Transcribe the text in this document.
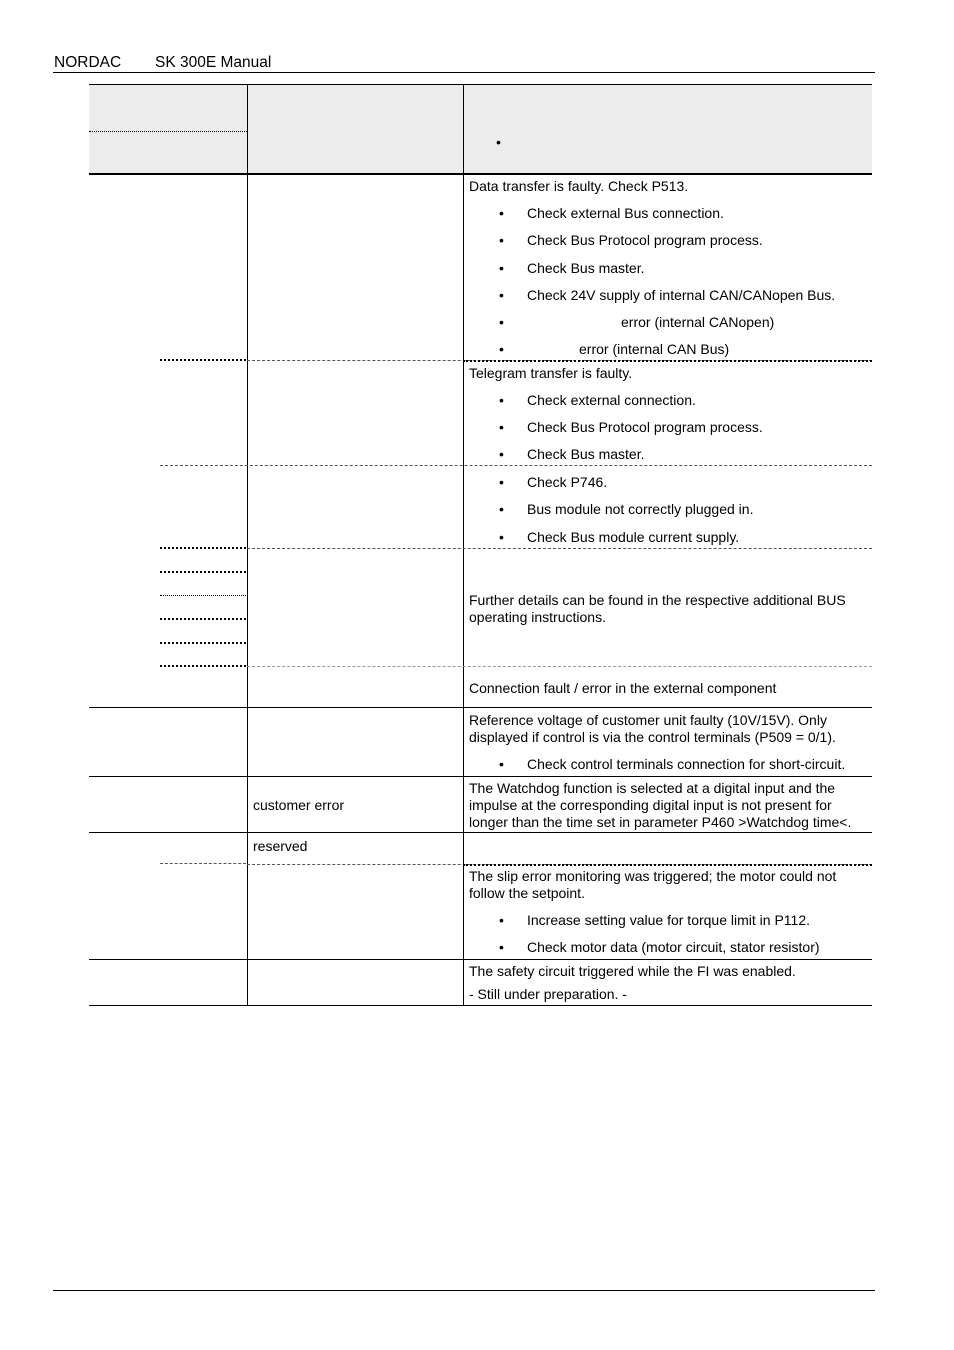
NORDAC SK 300E Manual
•
Data transfer is faulty. Check P513.
• Check external Bus connection.
• Check Bus Protocol program process.
• Check Bus master.
• Check 24V supply of internal CAN/CANopen Bus.
•	error (internal CANopen)
•	error (internal CAN Bus)
Telegram transfer is faulty.
• Check external connection.
• Check Bus Protocol program process.
• Check Bus master.
• Check P746.
• Bus module not correctly plugged in.
• Check Bus module current supply.
Further details can be found in the respective additional BUS operating instructions.
Connection fault / error in the external component
Reference voltage of customer unit faulty (10V/15V). Only displayed if control is via the control terminals (P509 = 0/1).
• Check control terminals connection for short-circuit.
customer error
The Watchdog function is selected at a digital input and the impulse at the corresponding digital input is not present for longer than the time set in parameter P460 >Watchdog time<.
reserved
The slip error monitoring was triggered; the motor could not follow the setpoint.
• Increase setting value for torque limit in P112.
• Check motor data (motor circuit, stator resistor)
The safety circuit triggered while the FI was enabled.
- Still under preparation. -
